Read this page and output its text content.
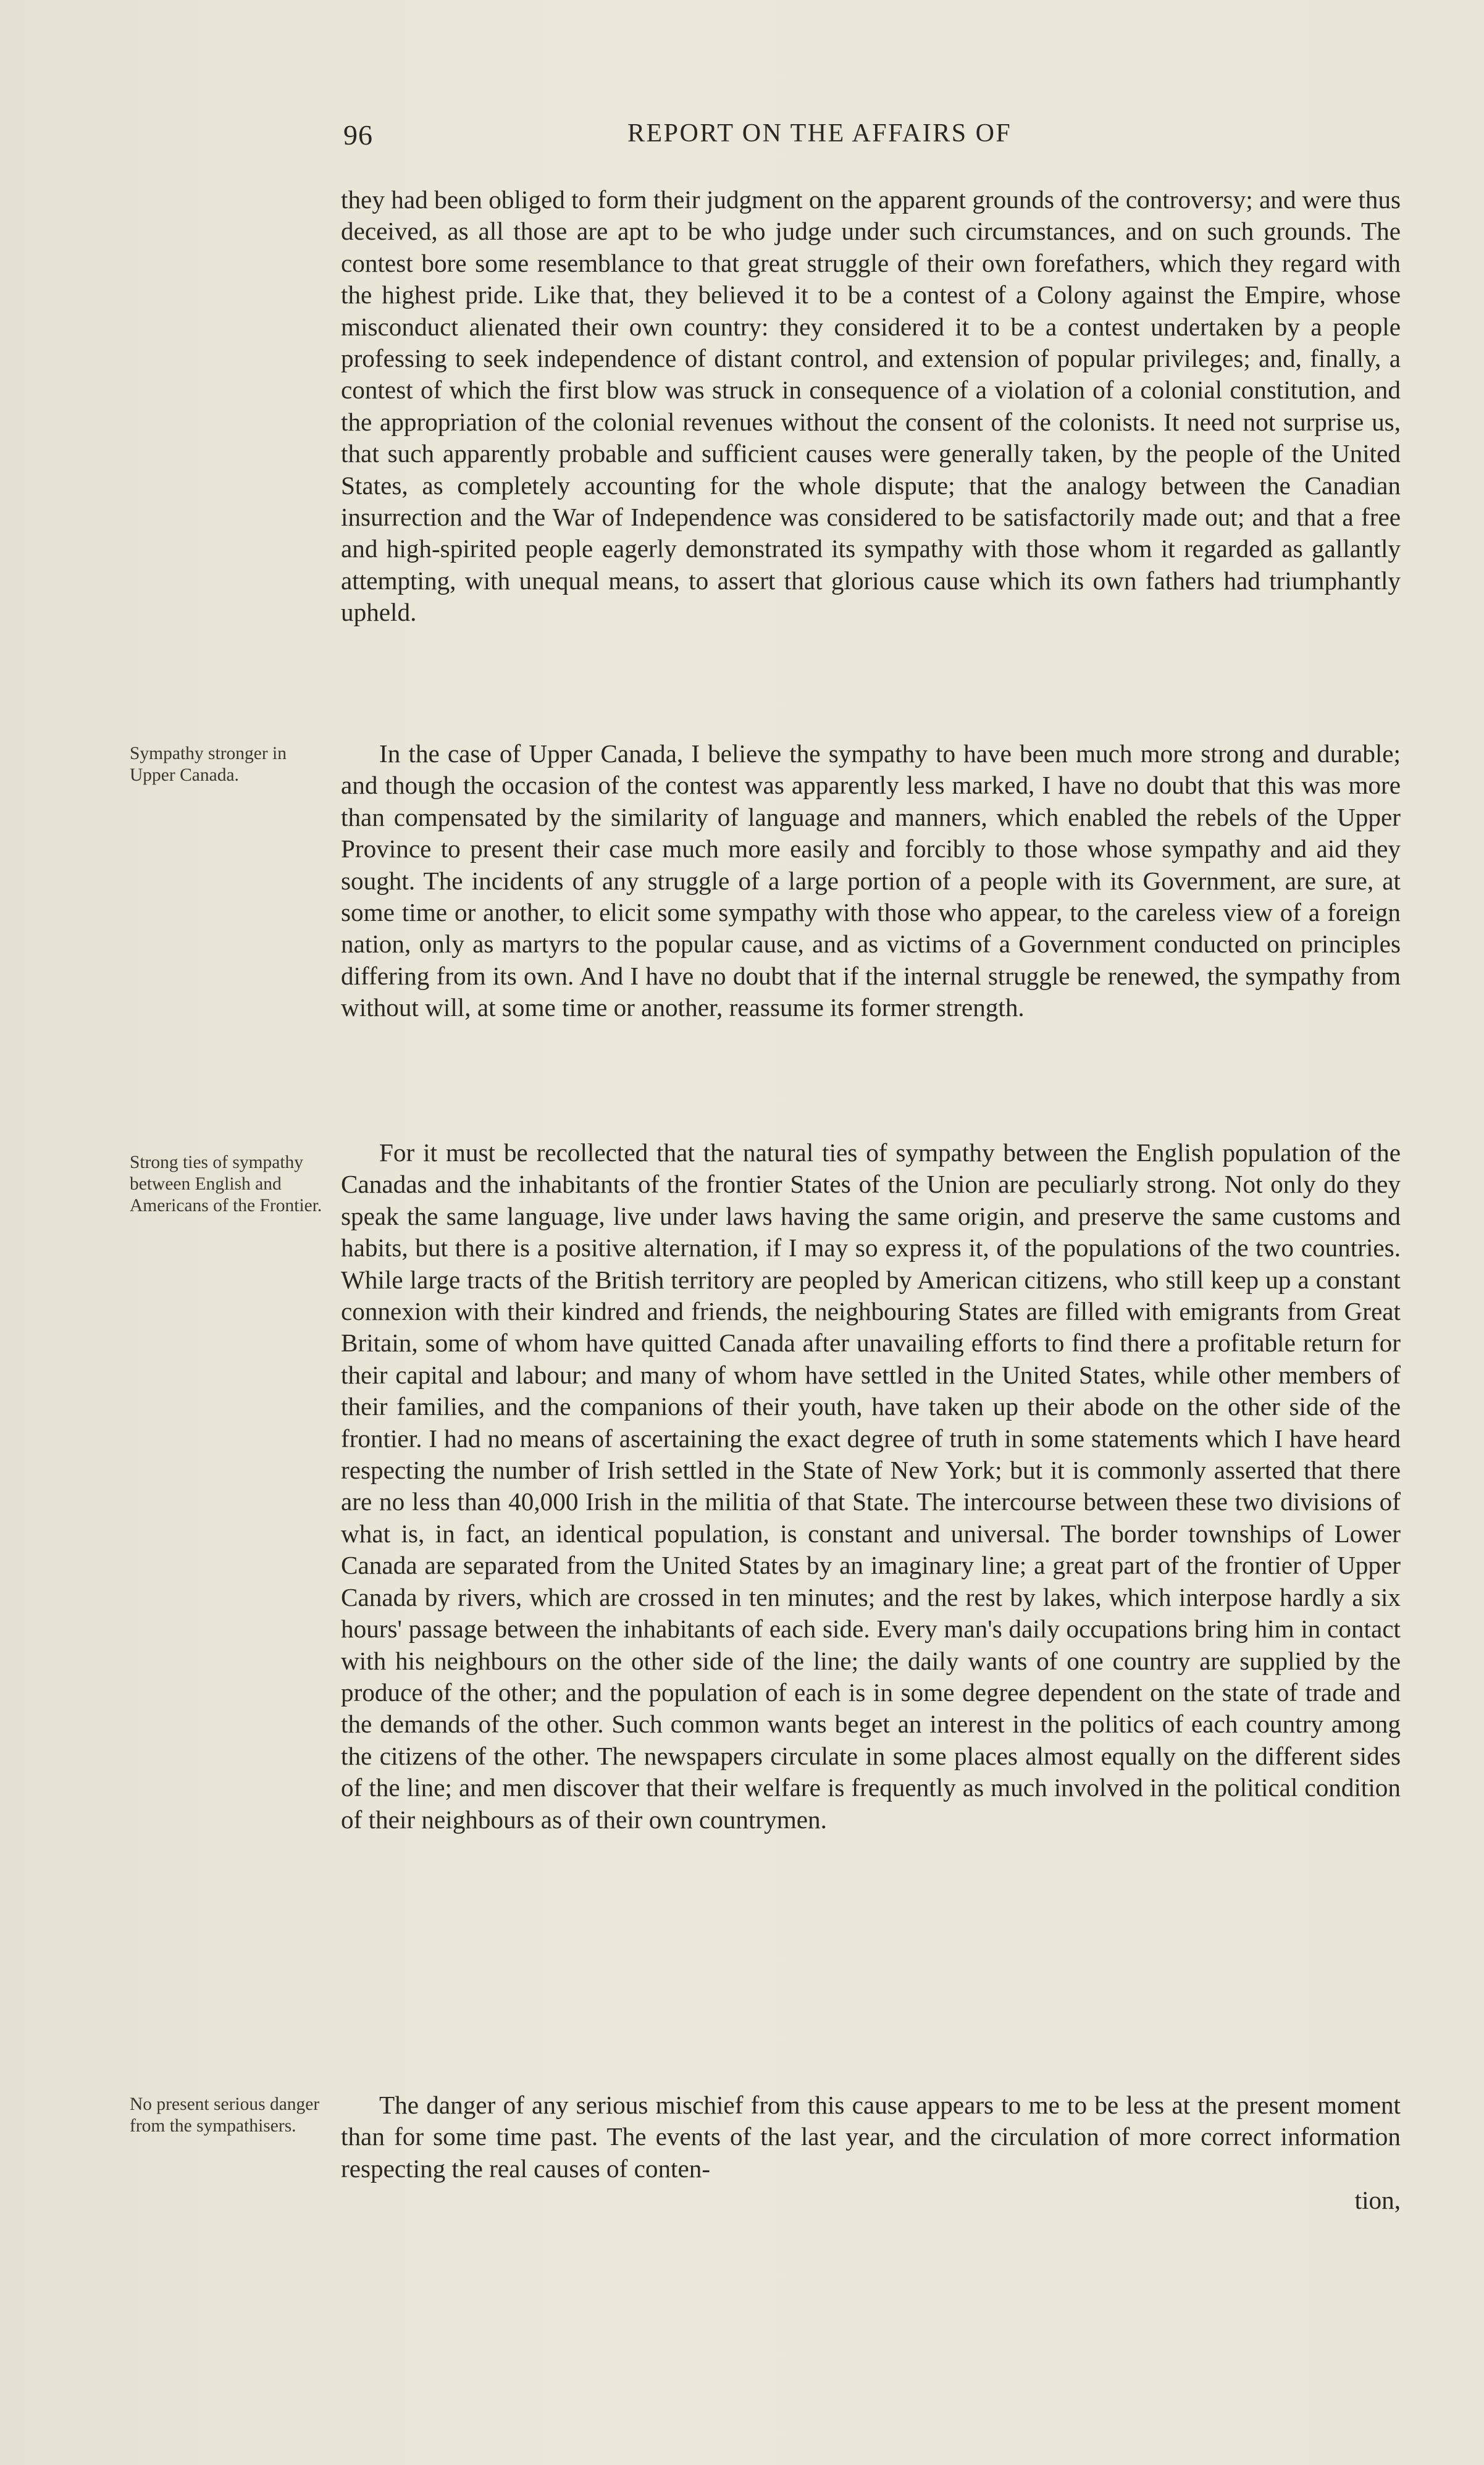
96	REPORT ON THE AFFAIRS OF

they had been obliged to form their judgment on the apparent grounds of the controversy; and were thus deceived, as all those are apt to be who judge under such circumstances, and on such grounds. The contest bore some resemblance to that great struggle of their own forefathers, which they regard with the highest pride. Like that, they believed it to be a contest of a Colony against the Empire, whose misconduct alienated their own country: they considered it to be a contest undertaken by a people professing to seek independence of distant control, and extension of popular privileges; and, finally, a contest of which the first blow was struck in consequence of a violation of a colonial constitution, and the appropriation of the colonial revenues without the consent of the colonists. It need not surprise us, that such apparently probable and sufficient causes were generally taken, by the people of the United States, as completely accounting for the whole dispute; that the analogy between the Canadian insurrection and the War of Independence was considered to be satisfactorily made out; and that a free and high-spirited people eagerly demonstrated its sympathy with those whom it regarded as gallantly attempting, with unequal means, to assert that glorious cause which its own fathers had triumphantly upheld.

Sympathy stronger in Upper Canada.

In the case of Upper Canada, I believe the sympathy to have been much more strong and durable; and though the occasion of the contest was apparently less marked, I have no doubt that this was more than compensated by the similarity of language and manners, which enabled the rebels of the Upper Province to present their case much more easily and forcibly to those whose sympathy and aid they sought. The incidents of any struggle of a large portion of a people with its Government, are sure, at some time or another, to elicit some sympathy with those who appear, to the careless view of a foreign nation, only as martyrs to the popular cause, and as victims of a Government conducted on principles differing from its own. And I have no doubt that if the internal struggle be renewed, the sympathy from without will, at some time or another, reassume its former strength.

Strong ties of sympathy between English and Americans of the Frontier.

For it must be recollected that the natural ties of sympathy between the English population of the Canadas and the inhabitants of the frontier States of the Union are peculiarly strong. Not only do they speak the same language, live under laws having the same origin, and preserve the same customs and habits, but there is a positive alternation, if I may so express it, of the populations of the two countries. While large tracts of the British territory are peopled by American citizens, who still keep up a constant connexion with their kindred and friends, the neighbouring States are filled with emigrants from Great Britain, some of whom have quitted Canada after unavailing efforts to find there a profitable return for their capital and labour; and many of whom have settled in the United States, while other members of their families, and the companions of their youth, have taken up their abode on the other side of the frontier. I had no means of ascertaining the exact degree of truth in some statements which I have heard respecting the number of Irish settled in the State of New York; but it is commonly asserted that there are no less than 40,000 Irish in the militia of that State. The intercourse between these two divisions of what is, in fact, an identical population, is constant and universal. The border townships of Lower Canada are separated from the United States by an imaginary line; a great part of the frontier of Upper Canada by rivers, which are crossed in ten minutes; and the rest by lakes, which interpose hardly a six hours' passage between the inhabitants of each side. Every man's daily occupations bring him in contact with his neighbours on the other side of the line; the daily wants of one country are supplied by the produce of the other; and the population of each is in some degree dependent on the state of trade and the demands of the other. Such common wants beget an interest in the politics of each country among the citizens of the other. The newspapers circulate in some places almost equally on the different sides of the line; and men discover that their welfare is frequently as much involved in the political condition of their neighbours as of their own countrymen.

No present serious danger from the sympathisers.

The danger of any serious mischief from this cause appears to me to be less at the present moment than for some time past. The events of the last year, and the circulation of more correct information respecting the real causes of conten-
tion,
